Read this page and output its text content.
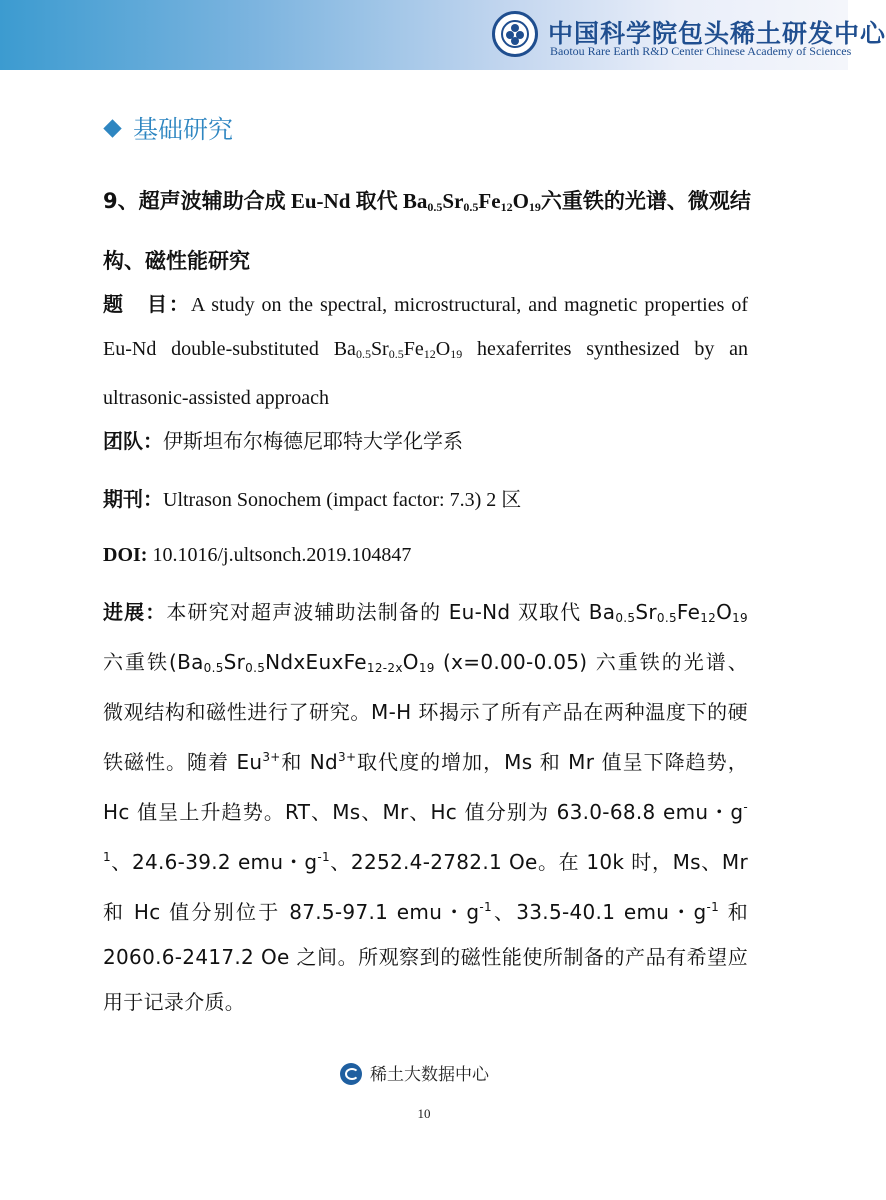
中国科学院包头稀土研发中心
Baotou Rare Earth R&D Center Chinese Academy of Sciences
基础研究
9、超声波辅助合成 Eu-Nd 取代 $Ba_{0.5}Sr_{0.5}Fe_{12}O_{19}$六重铁的光谱、微观结构、磁性能研究
题　目：A study on the spectral, microstructural, and magnetic properties of Eu-Nd double-substituted $Ba_{0.5}Sr_{0.5}Fe_{12}O_{19}$ hexaferrites synthesized by an ultrasonic-assisted approach
团队：伊斯坦布尔梅德尼耶特大学化学系
期刊：Ultrason Sonochem (impact factor: 7.3) 2 区
DOI: 10.1016/j.ultsonch.2019.104847
进展：本研究对超声波辅助法制备的 Eu-Nd 双取代 $Ba_{0.5}Sr_{0.5}Fe_{12}O_{19}$ 六重铁($Ba_{0.5}Sr_{0.5}NdxEuxFe_{12-2x}O_{19}$ (x=0.00-0.05) 六重铁的光谱、微观结构和磁性进行了研究。M-H 环揭示了所有产品在两种温度下的硬铁磁性。随着 $Eu^{3+}$和 $Nd^{3+}$取代度的增加，Ms 和 Mr 值呈下降趋势，Hc 值呈上升趋势。RT、Ms、Mr、Hc 值分别为 63.0-68.8 emu・$g^{-1}$、24.6-39.2 emu・$g^{-1}$、2252.4-2782.1 Oe。在 10k 时，Ms、Mr 和 Hc 值分别位于 87.5-97.1 emu・$g^{-1}$、33.5-40.1 emu・$g^{-1}$ 和 2060.6-2417.2 Oe 之间。所观察到的磁性能使所制备的产品有希望应用于记录介质。
稀土大数据中心
10
